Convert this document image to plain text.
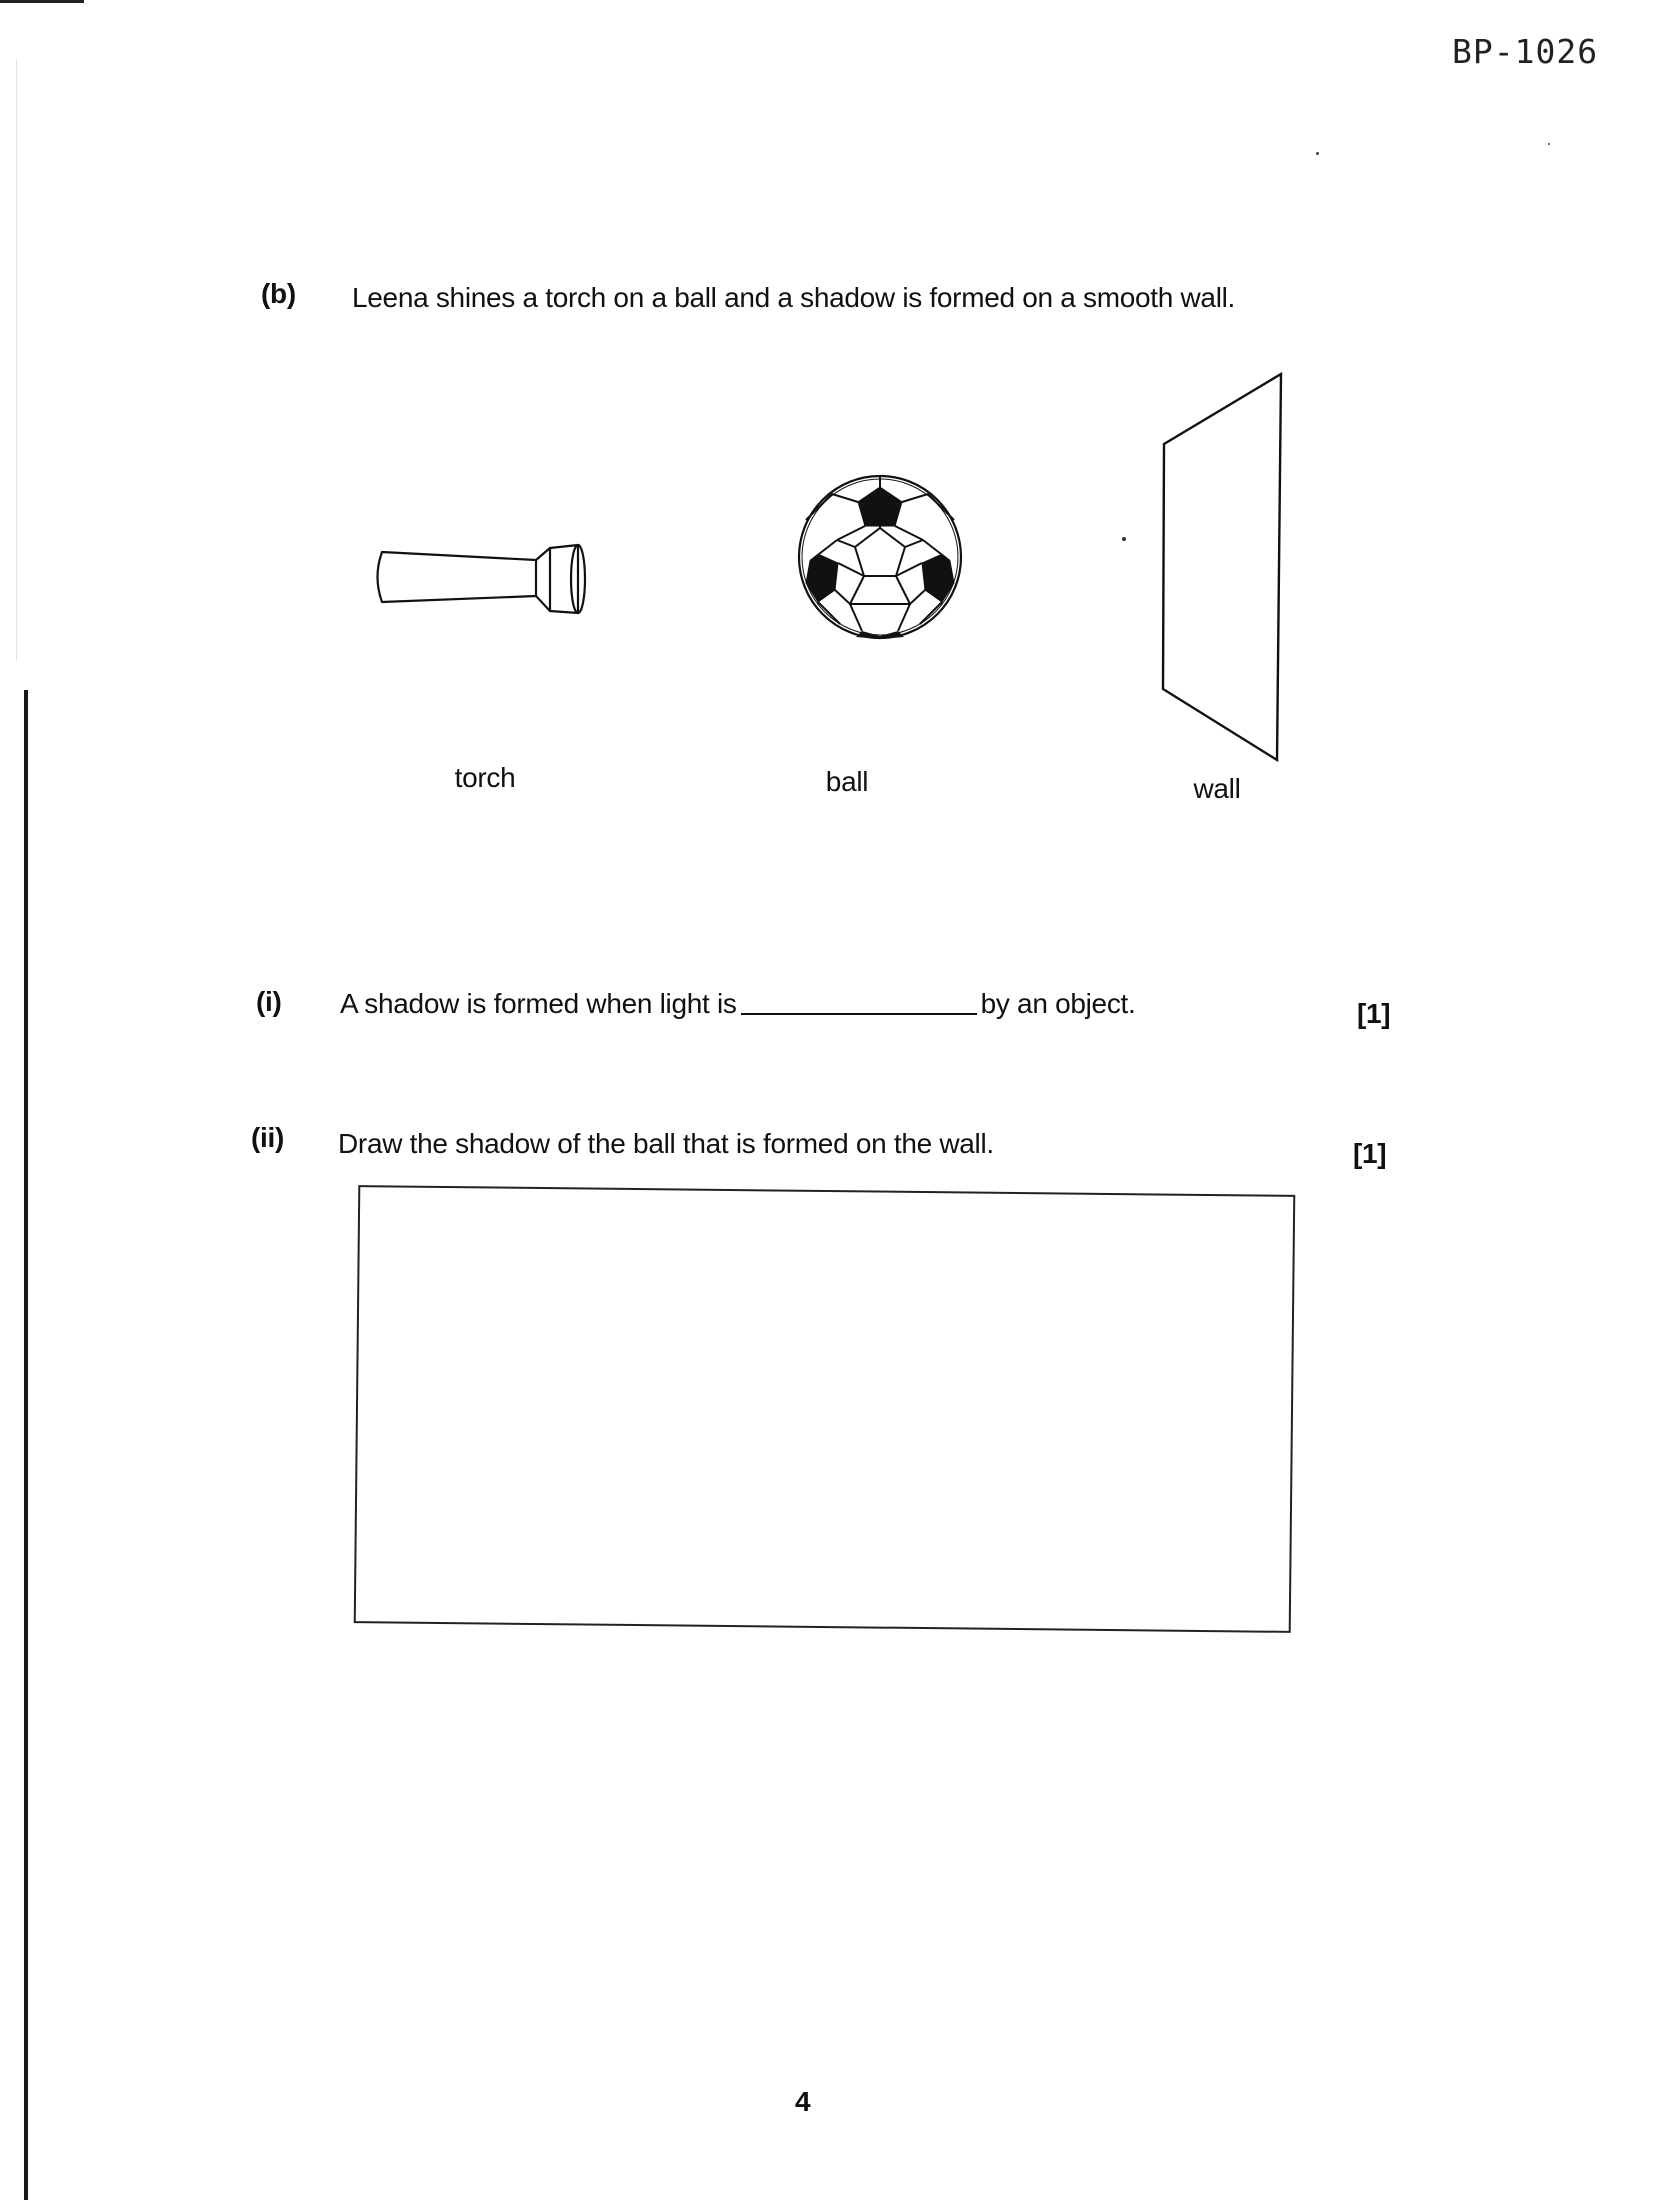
BP-1026
(b) Leena shines a torch on a ball and a shadow is formed on a smooth wall.
torch	ball	wall
(i) A shadow is formed when light is	by an object.	[1]
(ii) Draw the shadow of the ball that is formed on the wall.	[1]
4
